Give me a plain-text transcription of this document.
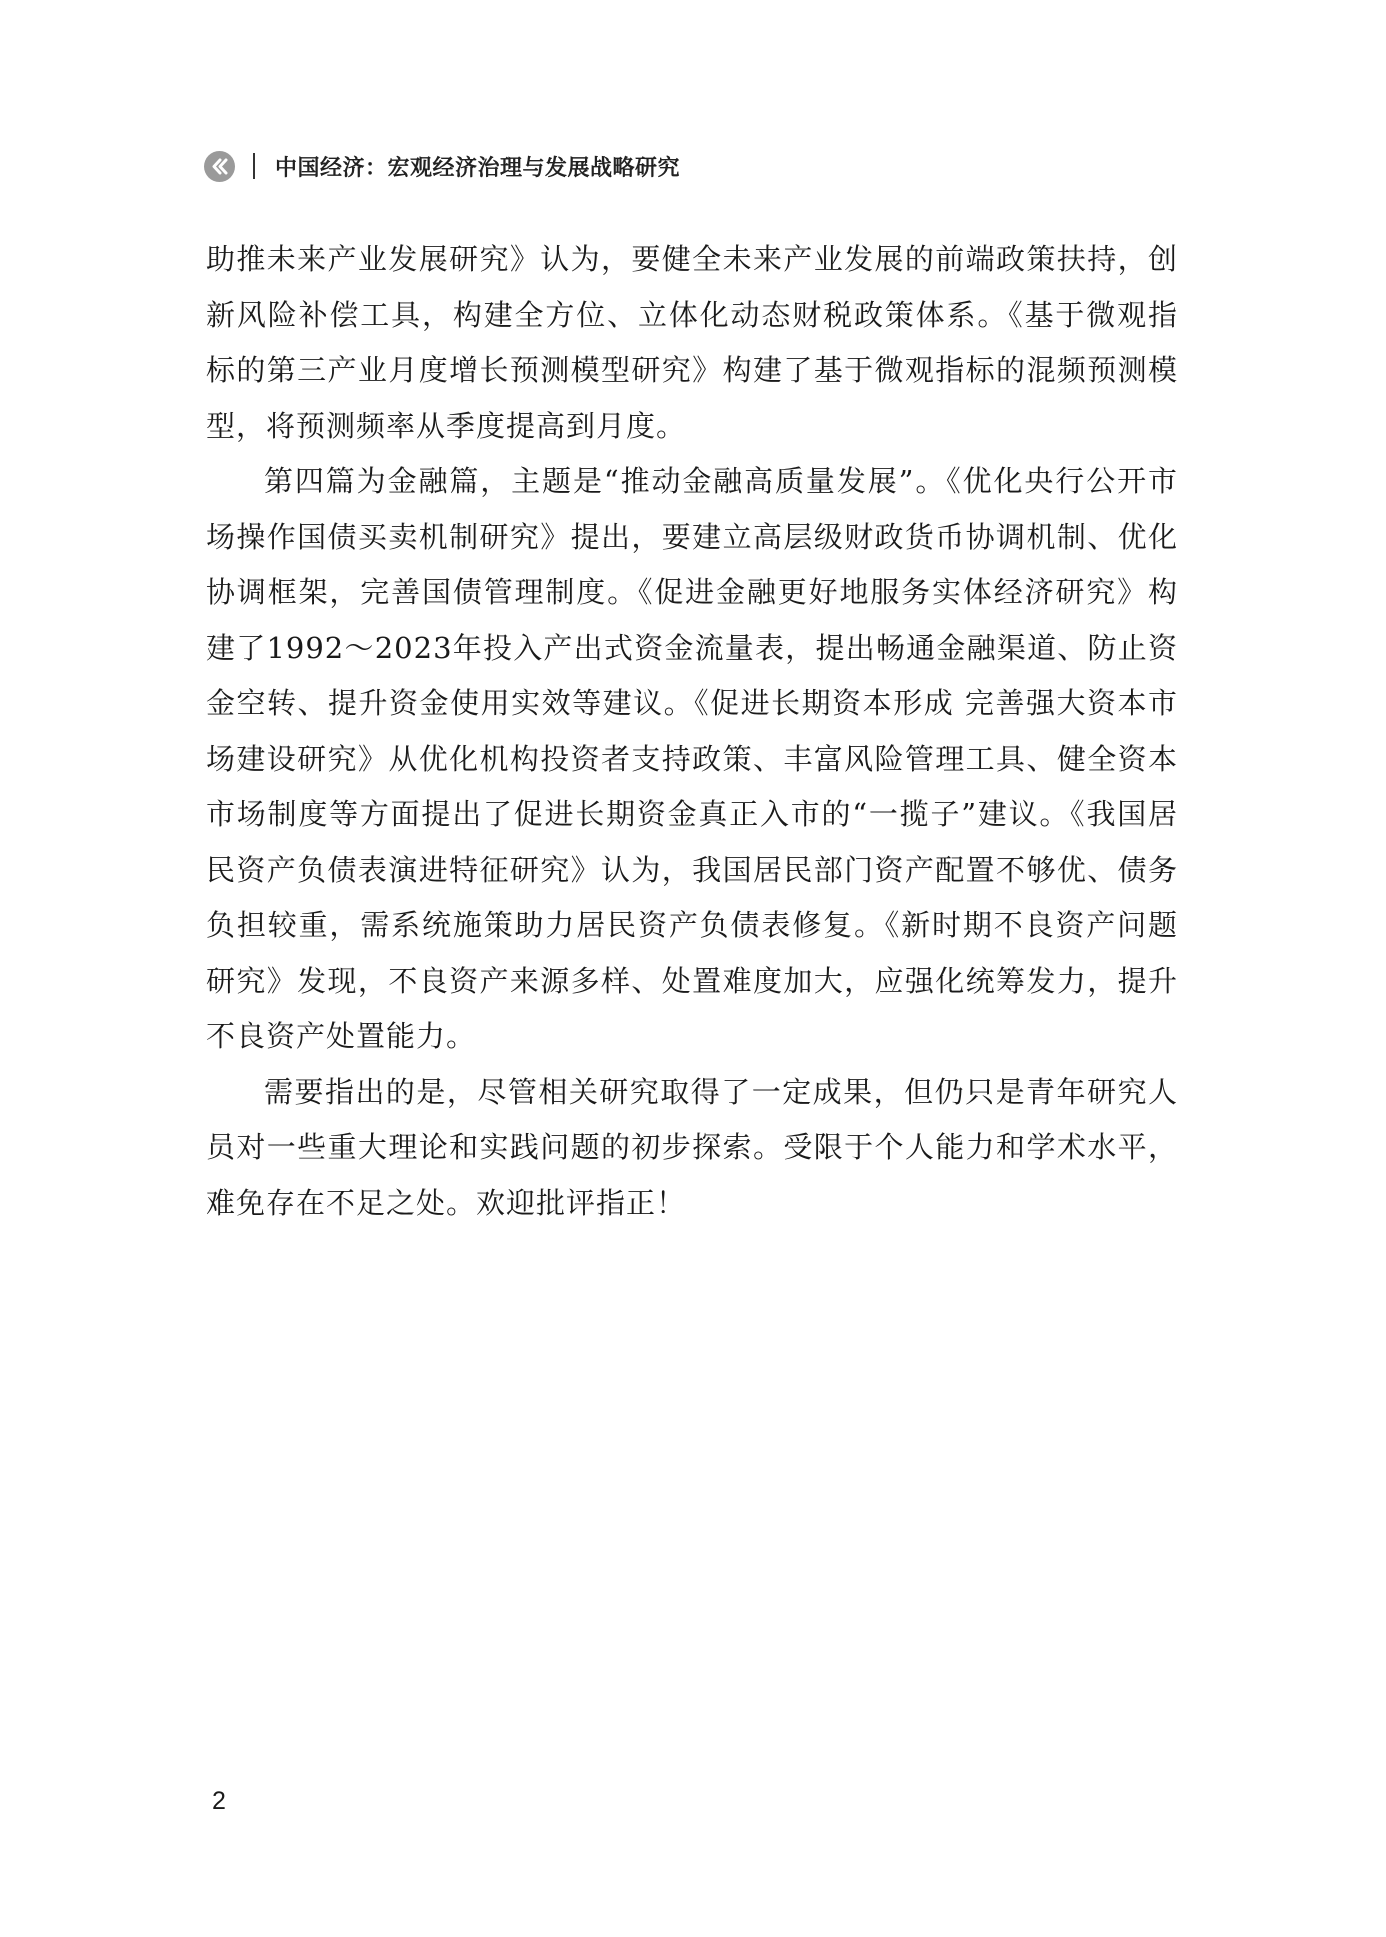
中国经济：宏观经济治理与发展战略研究

助推未来产业发展研究》认为，要健全未来产业发展的前端政策扶持，创新风险补偿工具，构建全方位、立体化动态财税政策体系。《基于微观指标的第三产业月度增长预测模型研究》构建了基于微观指标的混频预测模型，将预测频率从季度提高到月度。

第四篇为金融篇，主题是“推动金融高质量发展”。《优化央行公开市场操作国债买卖机制研究》提出，要建立高层级财政货币协调机制、优化协调框架，完善国债管理制度。《促进金融更好地服务实体经济研究》构建了1992～2023年投入产出式资金流量表，提出畅通金融渠道、防止资金空转、提升资金使用实效等建议。《促进长期资本形成 完善强大资本市场建设研究》从优化机构投资者支持政策、丰富风险管理工具、健全资本市场制度等方面提出了促进长期资金真正入市的“一揽子”建议。《我国居民资产负债表演进特征研究》认为，我国居民部门资产配置不够优、债务负担较重，需系统施策助力居民资产负债表修复。《新时期不良资产问题研究》发现，不良资产来源多样、处置难度加大，应强化统筹发力，提升不良资产处置能力。

需要指出的是，尽管相关研究取得了一定成果，但仍只是青年研究人员对一些重大理论和实践问题的初步探索。受限于个人能力和学术水平，难免存在不足之处。欢迎批评指正！

2
